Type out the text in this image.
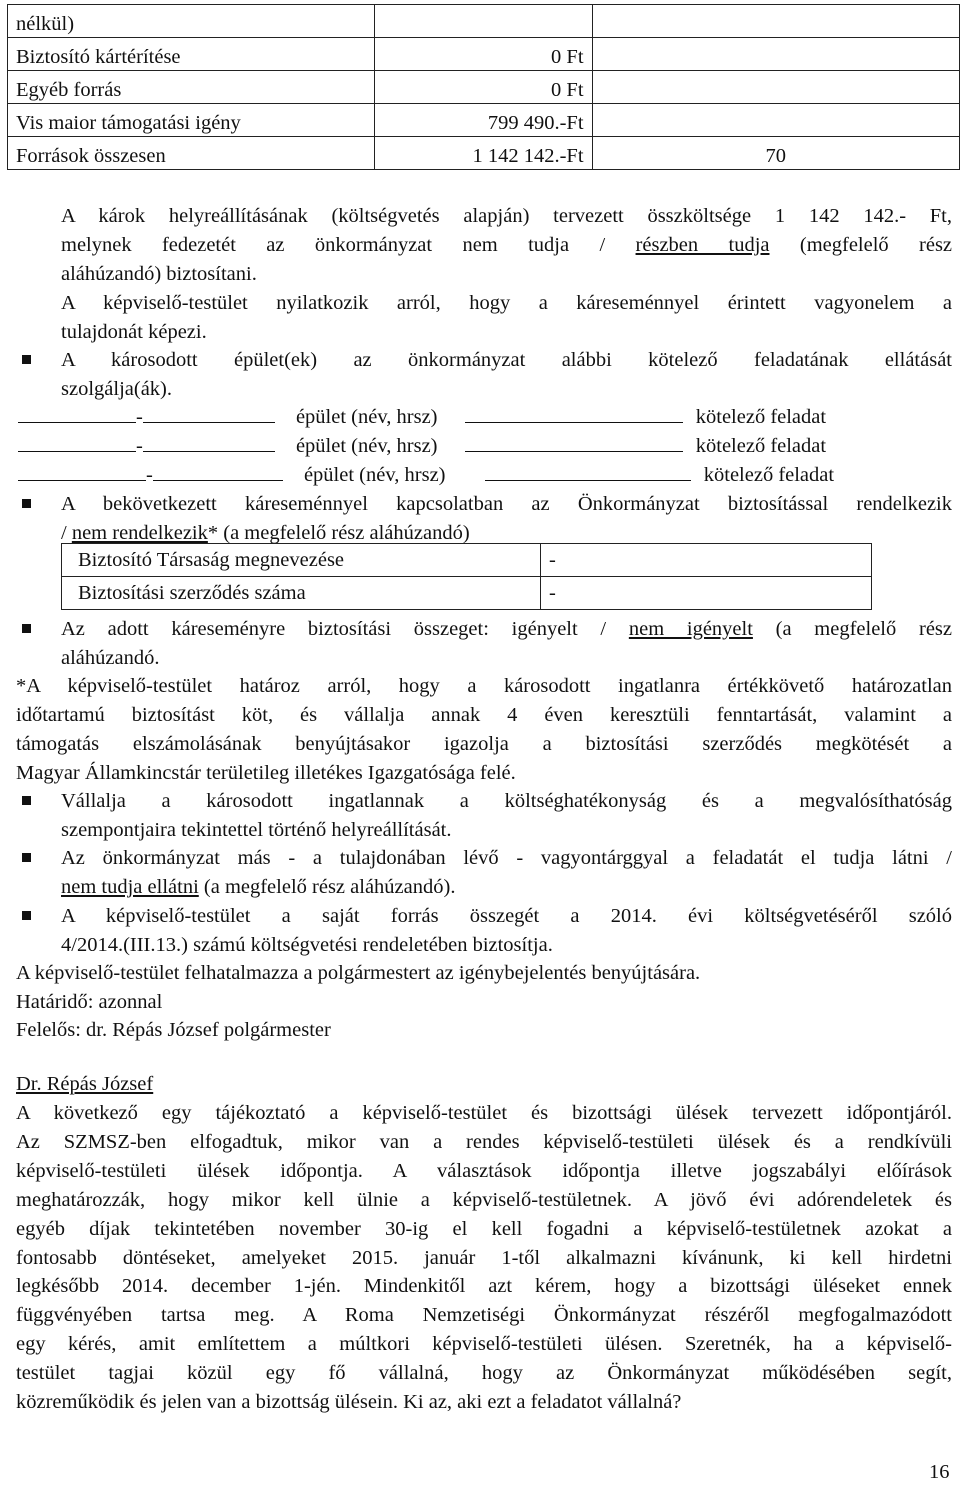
nélkül)		
Biztosító kártérítése	0 Ft	
Egyéb forrás	0 Ft	
Vis maior támogatási igény	799 490.-Ft	
Források összesen	1 142 142.-Ft	70
A károk helyreállításának (költségvetés alapján) tervezett összköltsége 1 142 142.- Ft,
melynek fedezetét az önkormányzat nem tudja / részben tudja (megfelelő rész
aláhúzandó) biztosítani.
A képviselő-testület nyilatkozik arról, hogy a káreseménnyel érintett vagyonelem a
tulajdonát képezi.
A károsodott épület(ek) az önkormányzat alábbi kötelező feladatának ellátását
szolgálja(ák).
-	épület (név, hrsz)	kötelező feladat
-	épület (név, hrsz)	kötelező feladat
-	épület (név, hrsz)	kötelező feladat
A bekövetkezett káreseménnyel kapcsolatban az Önkormányzat biztosítással rendelkezik
/ nem rendelkezik* (a megfelelő rész aláhúzandó)
Biztosító Társaság megnevezése	-
Biztosítási szerződés száma	-
Az adott káreseményre biztosítási összeget: igényelt / nem igényelt (a megfelelő rész
aláhúzandó.
*A képviselő-testület határoz arról, hogy a károsodott ingatlanra értékkövető határozatlan
időtartamú biztosítást köt, és vállalja annak 4 éven keresztüli fenntartását, valamint a
támogatás elszámolásának benyújtásakor igazolja a biztosítási szerződés megkötését a
Magyar Államkincstár területileg illetékes Igazgatósága felé.
Vállalja a károsodott ingatlannak a költséghatékonyság és a megvalósíthatóság
szempontjaira tekintettel történő helyreállítását.
Az önkormányzat más - a tulajdonában lévő - vagyontárggyal a feladatát el tudja látni /
nem tudja ellátni (a megfelelő rész aláhúzandó).
A képviselő-testület a saját forrás összegét a 2014. évi költségvetéséről szóló
4/2014.(III.13.) számú költségvetési rendeletében biztosítja.
A képviselő-testület felhatalmazza a polgármestert az igénybejelentés benyújtására.
Határidő: azonnal
Felelős: dr. Répás József polgármester
Dr. Répás József
A következő egy tájékoztató a képviselő-testület és bizottsági ülések tervezett időpontjáról.
Az SZMSZ-ben elfogadtuk, mikor van a rendes képviselő-testületi ülések és a rendkívüli
képviselő-testületi ülések időpontja. A választások időpontja illetve jogszabályi előírások
meghatározzák, hogy mikor kell ülnie a képviselő-testületnek. A jövő évi adórendeletek és
egyéb díjak tekintetében november 30-ig el kell fogadni a képviselő-testületnek azokat a
fontosabb döntéseket, amelyeket 2015. január 1-től alkalmazni kívánunk, ki kell hirdetni
legkésőbb 2014. december 1-jén. Mindenkitől azt kérem, hogy a bizottsági üléseket ennek
függvényében tartsa meg. A Roma Nemzetiségi Önkormányzat részéről megfogalmazódott
egy kérés, amit említettem a múltkori képviselő-testületi ülésen. Szeretnék, ha a képviselő-
testület tagjai közül egy fő vállalná, hogy az Önkormányzat működésében segít,
közreműködik és jelen van a bizottság ülésein. Ki az, aki ezt a feladatot vállalná?
16
